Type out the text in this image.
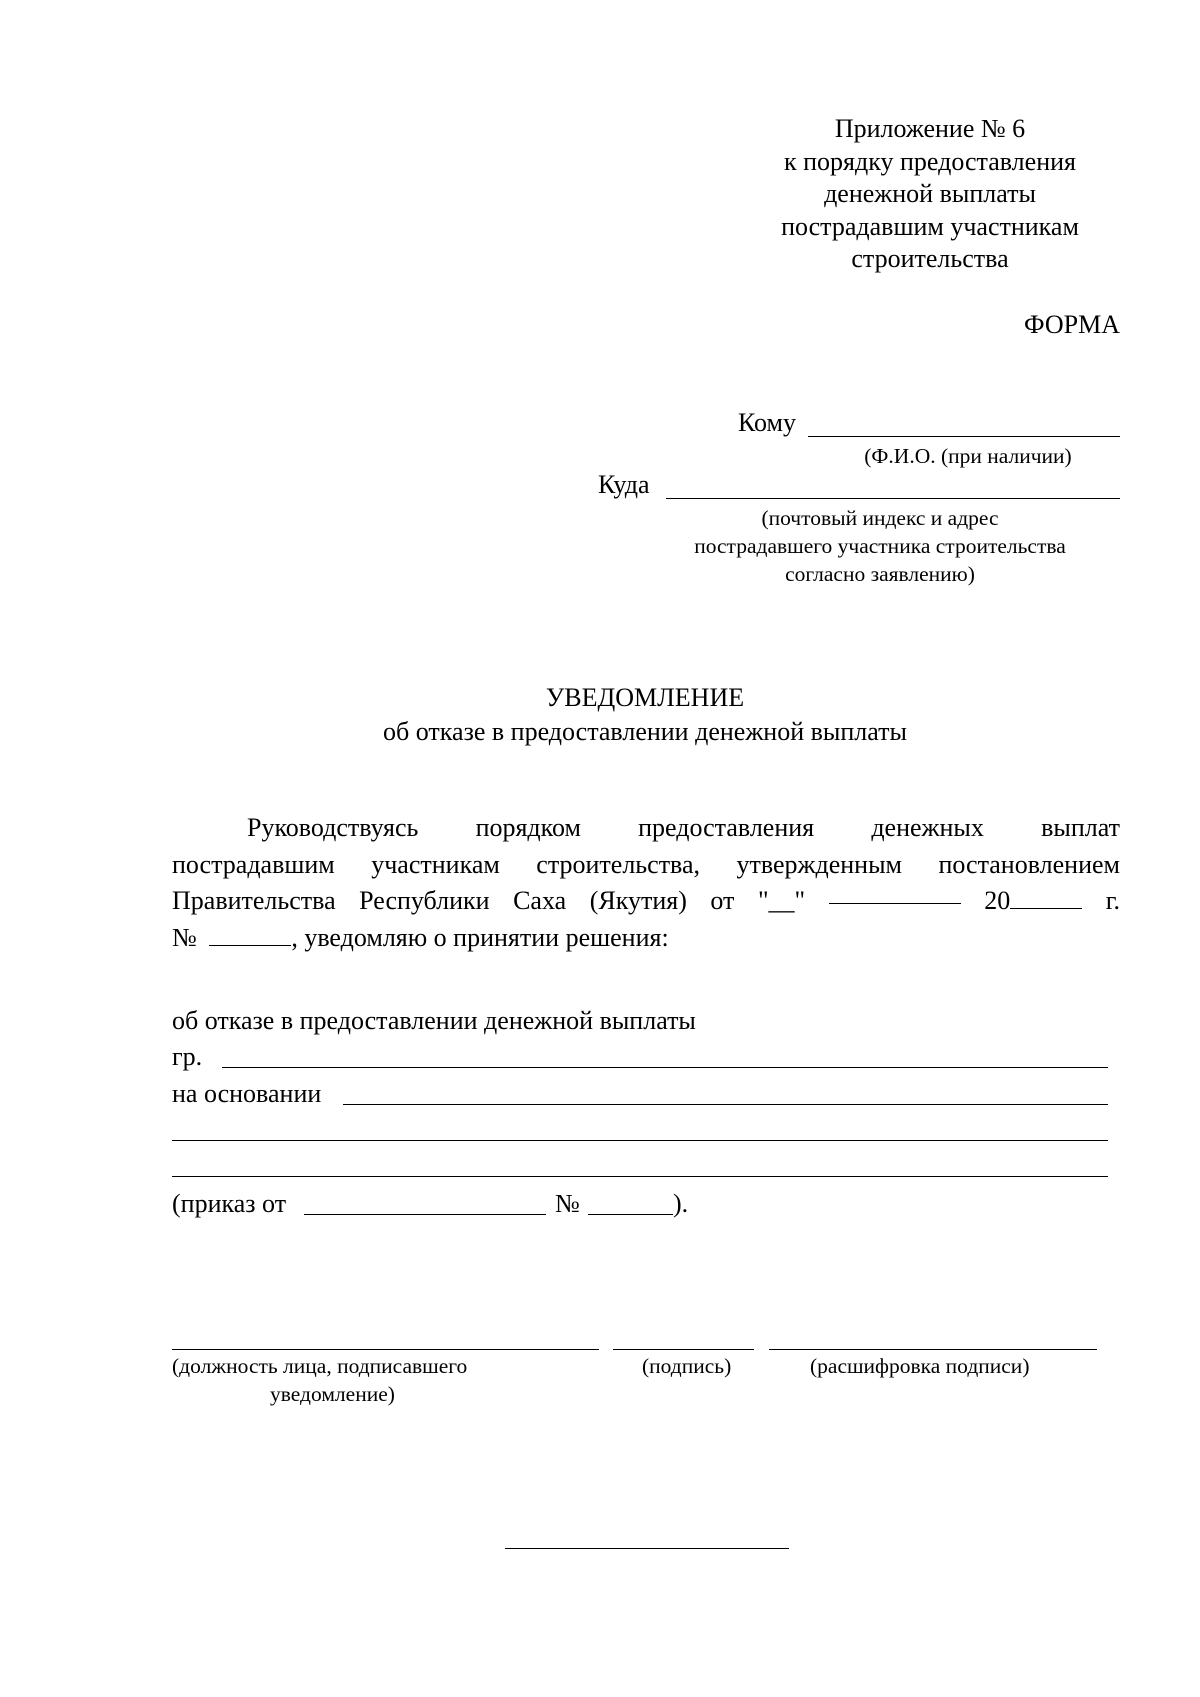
Приложение № 6
к порядку предоставления
денежной выплаты
пострадавшим участникам
строительства
ФОРМА
Кому
(Ф.И.О. (при наличии)
Куда
(почтовый индекс и адрес
пострадавшего участника строительства
согласно заявлению)
УВЕДОМЛЕНИЕ
об отказе в предоставлении денежной выплаты
Руководствуясь порядком предоставления денежных выплат
пострадавшим участникам строительства, утвержденным постановлением
Правительства Республики Саха (Якутия) от "__"	20	г.
№	, уведомляю о принятии решения:
об отказе в предоставлении денежной выплаты
гр.
на основании
(приказ от	№	).
(должность лица, подписавшего
уведомление)
(подпись)	(расшифровка подписи)
